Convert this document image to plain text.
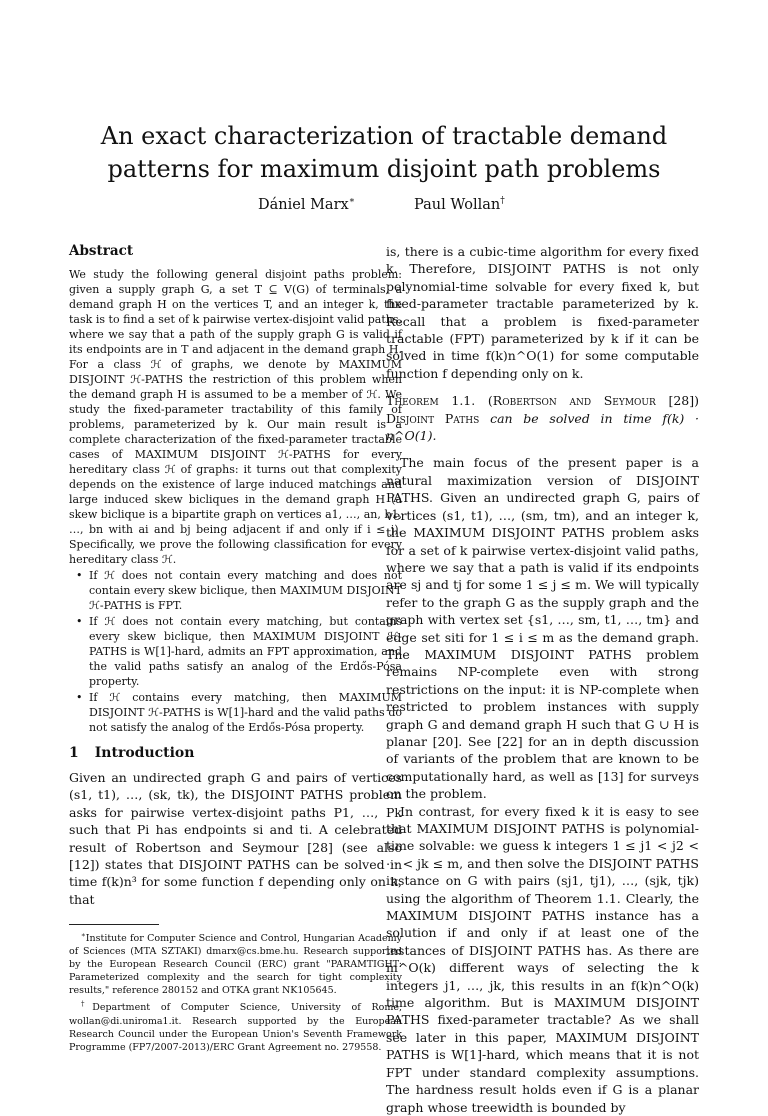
An exact characterization of tractable demand patterns for maximum disjoint path problems
Dániel Marx∗	Paul Wollan†
Abstract

We study the following general disjoint paths problem: given a supply graph G, a set T ⊆ V(G) of terminals, a demand graph H on the vertices T, and an integer k, the task is to find a set of k pairwise vertex-disjoint valid paths, where we say that a path of the supply graph G is valid if its endpoints are in T and adjacent in the demand graph H. For a class ℋ of graphs, we denote by MAXIMUM DISJOINT ℋ-PATHS the restriction of this problem when the demand graph H is assumed to be a member of ℋ. We study the fixed-parameter tractability of this family of problems, parameterized by k. Our main result is a complete characterization of the fixed-parameter tractable cases of MAXIMUM DISJOINT ℋ-PATHS for every hereditary class ℋ of graphs: it turns out that complexity depends on the existence of large induced matchings and large induced skew bicliques in the demand graph H (a skew biclique is a bipartite graph on vertices a1, …, an, b1, …, bn with ai and bj being adjacent if and only if i ≤ j). Specifically, we prove the following classification for every hereditary class ℋ.

• If ℋ does not contain every matching and does not contain every skew biclique, then MAXIMUM DISJOINT ℋ-PATHS is FPT.
• If ℋ does not contain every matching, but contains every skew biclique, then MAXIMUM DISJOINT ℋ-PATHS is W[1]-hard, admits an FPT approximation, and the valid paths satisfy an analog of the Erdős-Pósa property.
• If ℋ contains every matching, then MAXIMUM DISJOINT ℋ-PATHS is W[1]-hard and the valid paths do not satisfy the analog of the Erdős-Pósa property.
1 Introduction

Given an undirected graph G and pairs of vertices (s1, t1), …, (sk, tk), the DISJOINT PATHS problem asks for pairwise vertex-disjoint paths P1, …, Pk such that Pi has endpoints si and ti. A celebrated result of Robertson and Seymour [28] (see also [12]) states that DISJOINT PATHS can be solved in time f(k)n³ for some function f depending only on k, that

∗Institute for Computer Science and Control, Hungarian Academy of Sciences (MTA SZTAKI) dmarx@cs.bme.hu. Research supported by the European Research Council (ERC) grant "PARAMTIGHT: Parameterized complexity and the search for tight complexity results," reference 280152 and OTKA grant NK105645.

†Department of Computer Science, University of Rome, wollan@di.uniroma1.it. Research supported by the European Research Council under the European Union's Seventh Framework Programme (FP7/2007-2013)/ERC Grant Agreement no. 279558.

is, there is a cubic-time algorithm for every fixed k. Therefore, DISJOINT PATHS is not only polynomial-time solvable for every fixed k, but fixed-parameter tractable parameterized by k. Recall that a problem is fixed-parameter tractable (FPT) parameterized by k if it can be solved in time f(k)n^O(1) for some computable function f depending only on k.

Theorem 1.1. (Robertson and Seymour [28]) Disjoint Paths can be solved in time f(k) · n^O(1).

The main focus of the present paper is a natural maximization version of DISJOINT PATHS. Given an undirected graph G, pairs of vertices (s1, t1), …, (sm, tm), and an integer k, the MAXIMUM DISJOINT PATHS problem asks for a set of k pairwise vertex-disjoint valid paths, where we say that a path is valid if its endpoints are sj and tj for some 1 ≤ j ≤ m. We will typically refer to the graph G as the supply graph and the graph with vertex set {s1, …, sm, t1, …, tm} and edge set siti for 1 ≤ i ≤ m as the demand graph. The MAXIMUM DISJOINT PATHS problem remains NP-complete even with strong restrictions on the input: it is NP-complete when restricted to problem instances with supply graph G and demand graph H such that G ∪ H is planar [20]. See [22] for an in depth discussion of variants of the problem that are known to be computationally hard, as well as [13] for surveys on the problem.

In contrast, for every fixed k it is easy to see that MAXIMUM DISJOINT PATHS is polynomial-time solvable: we guess k integers 1 ≤ j1 < j2 < ⋯ < jk ≤ m, and then solve the DISJOINT PATHS instance on G with pairs (sj1, tj1), …, (sjk, tjk) using the algorithm of Theorem 1.1. Clearly, the MAXIMUM DISJOINT PATHS instance has a solution if and only if at least one of the instances of DISJOINT PATHS has. As there are m^O(k) different ways of selecting the k integers j1, …, jk, this results in an f(k)n^O(k) time algorithm. But is MAXIMUM DISJOINT PATHS fixed-parameter tractable? As we shall see later in this paper, MAXIMUM DISJOINT PATHS is W[1]-hard, which means that it is not FPT under standard complexity assumptions. The hardness result holds even if G is a planar graph whose treewidth is bounded by
